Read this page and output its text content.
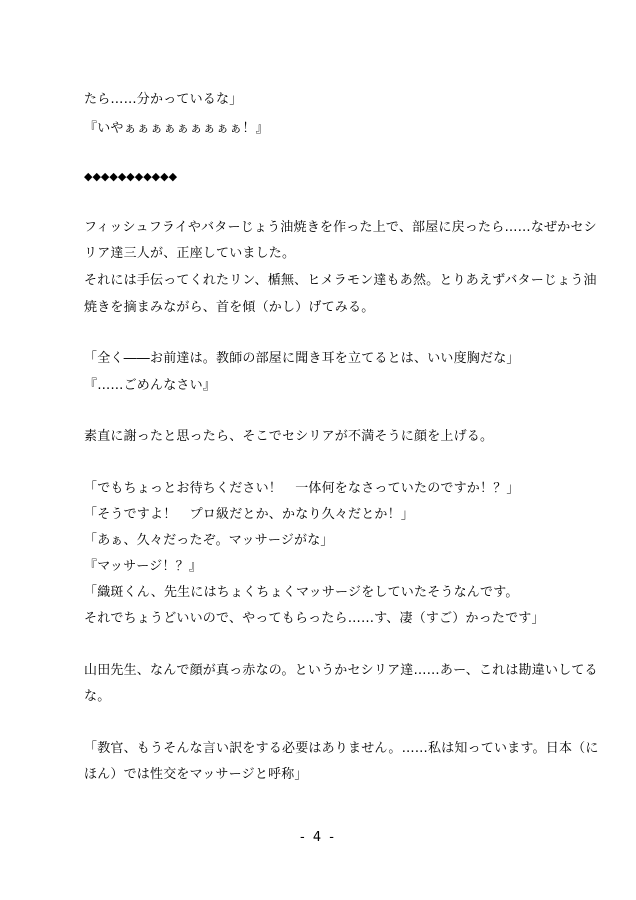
たら……分かっているな」
『いやぁぁぁぁぁぁぁぁぁ！』
◆◆◆◆◆◆◆◆◆◆◆
フィッシュフライやバターじょう油焼きを作った上で、部屋に戻ったら……なぜかセシ
リア達三人が、正座していました。
それには手伝ってくれたリン、楯無、ヒメラモン達もあ然。とりあえずバターじょう油
焼きを摘まみながら、首を傾（かし）げてみる。
「全く――お前達は。教師の部屋に聞き耳を立てるとは、いい度胸だな」
『……ごめんなさい』
素直に謝ったと思ったら、そこでセシリアが不満そうに顔を上げる。
「でもちょっとお待ちください！　一体何をなさっていたのですか！？」
「そうですよ！　プロ級だとか、かなり久々だとか！」
「あぁ、久々だったぞ。マッサージがな」
『マッサージ！？』
「織斑くん、先生にはちょくちょくマッサージをしていたそうなんです。
それでちょうどいいので、やってもらったら……す、凄（すご）かったです」
山田先生、なんで顔が真っ赤なの。というかセシリア達……あー、これは勘違いしてる
な。
「教官、もうそんな言い訳をする必要はありません。……私は知っています。日本（に
ほん）では性交をマッサージと呼称」
- 4 -
